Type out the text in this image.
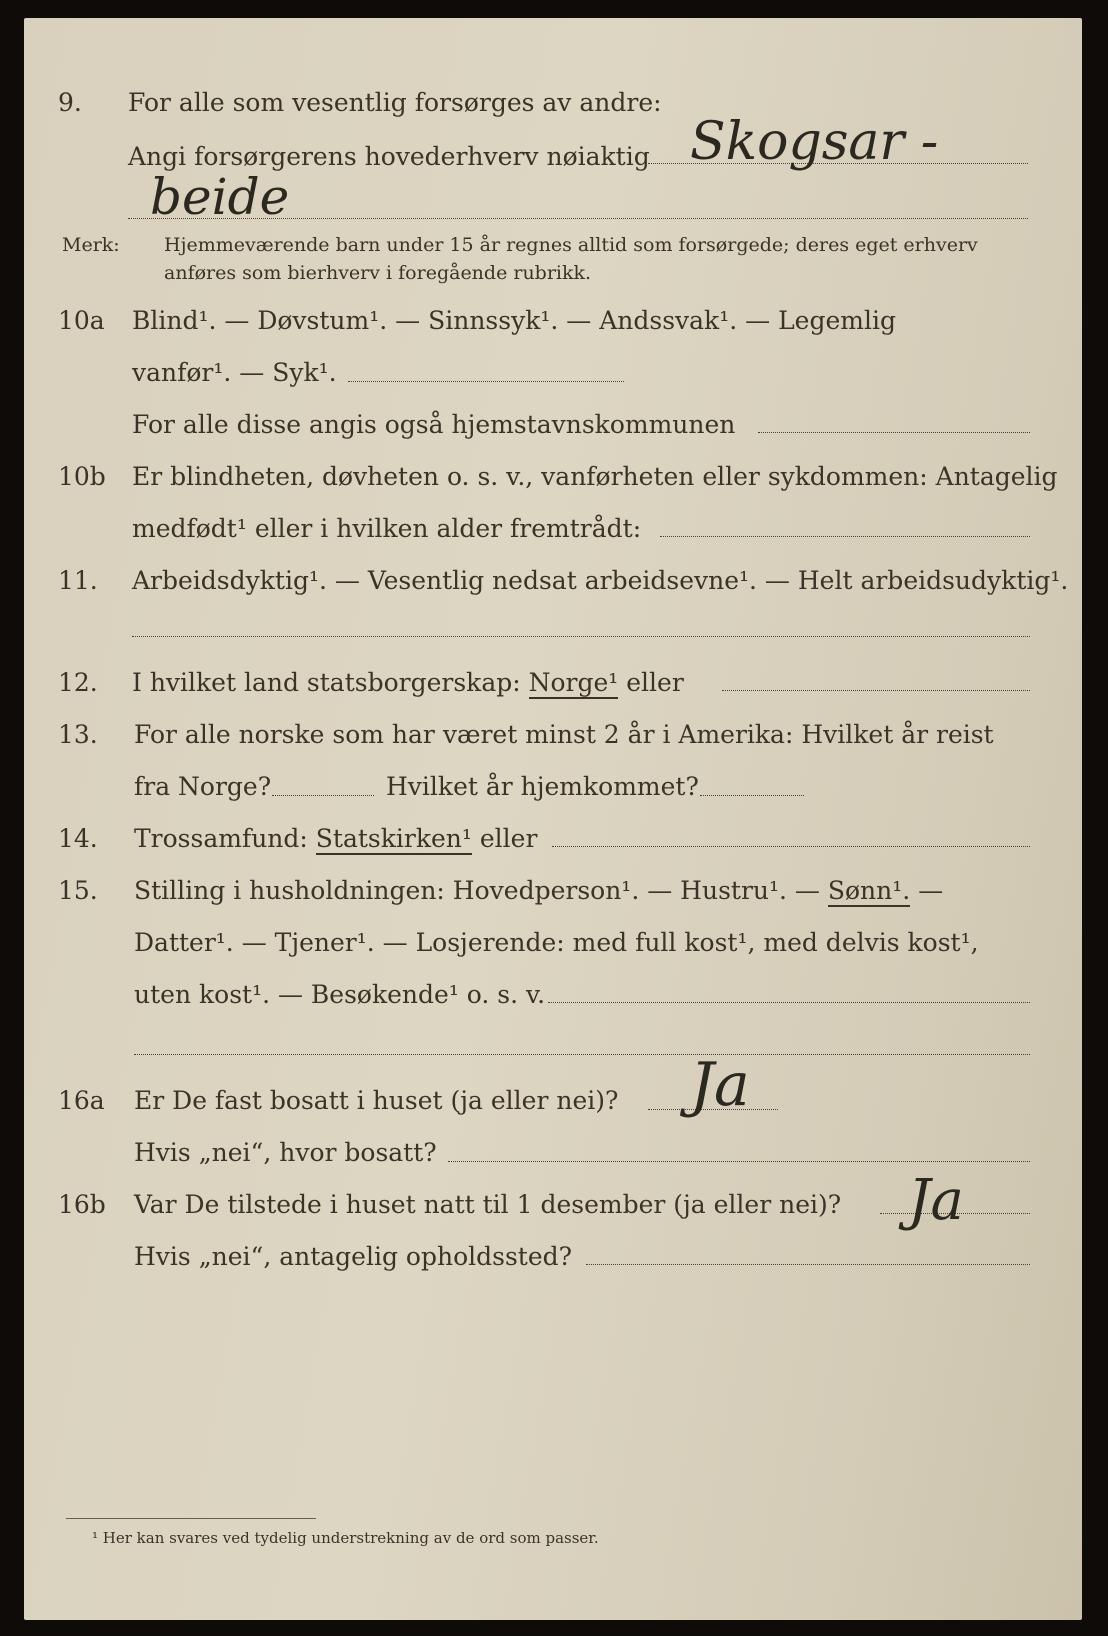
9. For alle som vesentlig forsørges av andre:
Angi forsørgerens hovederhverv nøiaktig Skogsar -
beide
Merk: Hjemmeværende barn under 15 år regnes alltid som forsørgede; deres eget erhverv
anføres som bierhverv i foregående rubrikk.
10a Blind¹. — Døvstum¹. — Sinnssyk¹. — Andssvak¹. — Legemlig
vanfør¹. — Syk¹.
For alle disse angis også hjemstavnskommunen
10b Er blindheten, døvheten o. s. v., vanførheten eller sykdommen: Antagelig
medfødt¹ eller i hvilken alder fremtrådt:
11. Arbeidsdyktig¹. — Vesentlig nedsat arbeidsevne¹. — Helt arbeidsudyktig¹.
12. I hvilket land statsborgerskap: Norge¹ eller
13. For alle norske som har været minst 2 år i Amerika: Hvilket år reist
fra Norge?	Hvilket år hjemkommet?
14. Trossamfund: Statskirken¹ eller
15. Stilling i husholdningen: Hovedperson¹. — Hustru¹. — Sønn¹. —
Datter¹. — Tjener¹. — Losjerende: med full kost¹, med delvis kost¹,
uten kost¹. — Besøkende¹ o. s. v.
16a Er De fast bosatt i huset (ja eller nei)? Ja
Hvis „nei“, hvor bosatt?
16b Var De tilstede i huset natt til 1 desember (ja eller nei)? Ja
Hvis „nei“, antagelig opholdssted?
¹ Her kan svares ved tydelig understrekning av de ord som passer.
